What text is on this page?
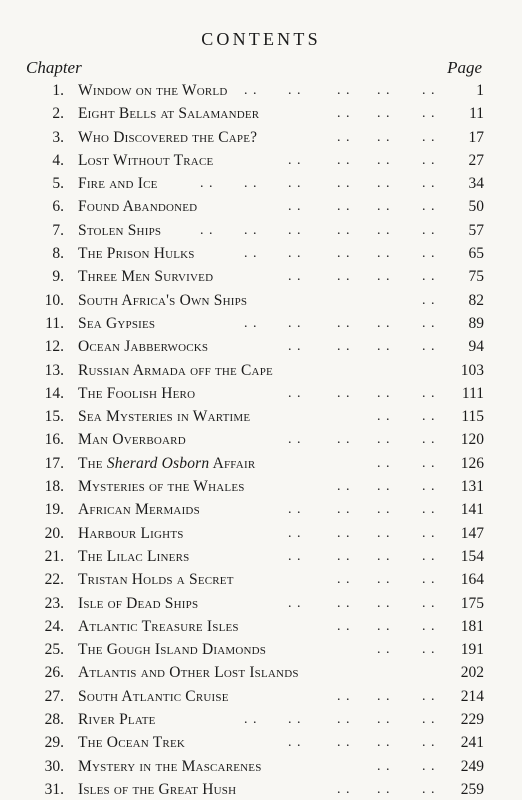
CONTENTS
Chapter	Page
1. Window on the World . . . .	. . . . . .	1
2. Eight Bells at Salamander	. . . . . .	11
3. Who Discovered the Cape?	. . . . . .	17
4. Lost Without Trace	. .	. . . . . .	27
5. Fire and Ice	. . . . . .	. . . . . .	34
6. Found Abandoned	. .	. . . . . .	50
7. Stolen Ships	. . . . . .	. . . . . .	57
8. The Prison Hulks	. . . .	. . . . . .	65
9. Three Men Survived	. .	. . . . . .	75
10. South Africa's Own Ships	. .	82
11. Sea Gypsies	. . . .	. . . . . .	89
12. Ocean Jabberwocks	. .	. . . . . .	94
13. Russian Armada off the Cape	103
14. The Foolish Hero	. .	. . . . . .	111
15. Sea Mysteries in Wartime	. . . .	115
16. Man Overboard	. .	. . . . . .	120
17. The Sherard Osborn Affair	. . . .	126
18. Mysteries of the Whales	. . . . . .	131
19. African Mermaids	. .	. . . . . .	141
20. Harbour Lights	. .	. . . . . .	147
21. The Lilac Liners	. .	. . . . . .	154
22. Tristan Holds a Secret	. . . . . .	164
23. Isle of Dead Ships	. .	. . . . . .	175
24. Atlantic Treasure Isles	. . . . . .	181
25. The Gough Island Diamonds	. . . .	191
26. Atlantis and Other Lost Islands	202
27. South Atlantic Cruise	. . . . . .	214
28. River Plate	. . . .	. . . . . .	229
29. The Ocean Trek	. .	. . . . . .	241
30. Mystery in the Mascarenes	. . . .	249
31. Isles of the Great Hush	. . . . . .	259
